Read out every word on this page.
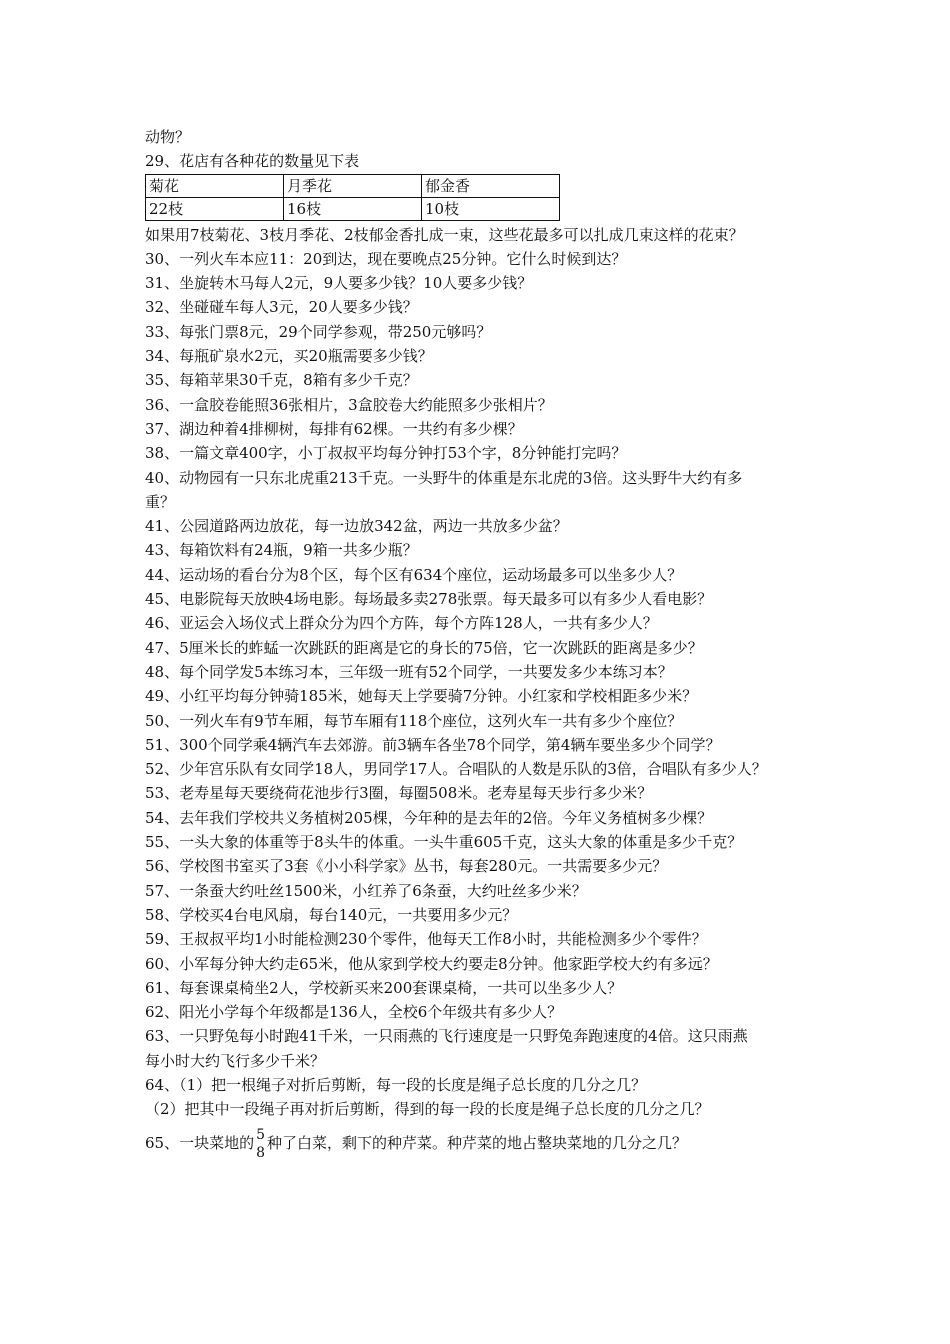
动物？
29、花店有各种花的数量见下表
菊花	月季花	郁金香
22枝	16枝	10枝
如果用7枝菊花、3枝月季花、2枝郁金香扎成一束，这些花最多可以扎成几束这样的花束？
30、一列火车本应11：20到达，现在要晚点25分钟。它什么时候到达？
31、坐旋转木马每人2元，9人要多少钱？10人要多少钱？
32、坐碰碰车每人3元，20人要多少钱？
33、每张门票8元，29个同学参观，带250元够吗？
34、每瓶矿泉水2元，买20瓶需要多少钱？
35、每箱苹果30千克，8箱有多少千克？
36、一盒胶卷能照36张相片，3盒胶卷大约能照多少张相片？
37、湖边种着4排柳树，每排有62棵。一共约有多少棵？
38、一篇文章400字，小丁叔叔平均每分钟打53个字，8分钟能打完吗？
40、动物园有一只东北虎重213千克。一头野牛的体重是东北虎的3倍。这头野牛大约有多
重？
41、公园道路两边放花，每一边放342盆，两边一共放多少盆？
43、每箱饮料有24瓶，9箱一共多少瓶？
44、运动场的看台分为8个区，每个区有634个座位，运动场最多可以坐多少人？
45、电影院每天放映4场电影。每场最多卖278张票。每天最多可以有多少人看电影？
46、亚运会入场仪式上群众分为四个方阵，每个方阵128人，一共有多少人？
47、5厘米长的蚱蜢一次跳跃的距离是它的身长的75倍，它一次跳跃的距离是多少？
48、每个同学发5本练习本，三年级一班有52个同学，一共要发多少本练习本？
49、小红平均每分钟骑185米，她每天上学要骑7分钟。小红家和学校相距多少米？
50、一列火车有9节车厢，每节车厢有118个座位，这列火车一共有多少个座位？
51、300个同学乘4辆汽车去郊游。前3辆车各坐78个同学，第4辆车要坐多少个同学？
52、少年宫乐队有女同学18人，男同学17人。合唱队的人数是乐队的3倍，合唱队有多少人？
53、老寿星每天要绕荷花池步行3圈，每圈508米。老寿星每天步行多少米？
54、去年我们学校共义务植树205棵，今年种的是去年的2倍。今年义务植树多少棵？
55、一头大象的体重等于8头牛的体重。一头牛重605千克，这头大象的体重是多少千克？
56、学校图书室买了3套《小小科学家》丛书，每套280元。一共需要多少元？
57、一条蚕大约吐丝1500米，小红养了6条蚕，大约吐丝多少米？
58、学校买4台电风扇，每台140元，一共要用多少元？
59、王叔叔平均1小时能检测230个零件，他每天工作8小时，共能检测多少个零件？
60、小军每分钟大约走65米，他从家到学校大约要走8分钟。他家距学校大约有多远？
61、每套课桌椅坐2人，学校新买来200套课桌椅，一共可以坐多少人？
62、阳光小学每个年级都是136人，全校6个年级共有多少人？
63、一只野兔每小时跑41千米，一只雨燕的飞行速度是一只野兔奔跑速度的4倍。这只雨燕
每小时大约飞行多少千米？
64、（1）把一根绳子对折后剪断，每一段的长度是绳子总长度的几分之几？
（2）把其中一段绳子再对折后剪断，得到的每一段的长度是绳子总长度的几分之几？
65、一块菜地的 5
8
种了白菜，剩下的种芹菜。种芹菜的地占整块菜地的几分之几？
